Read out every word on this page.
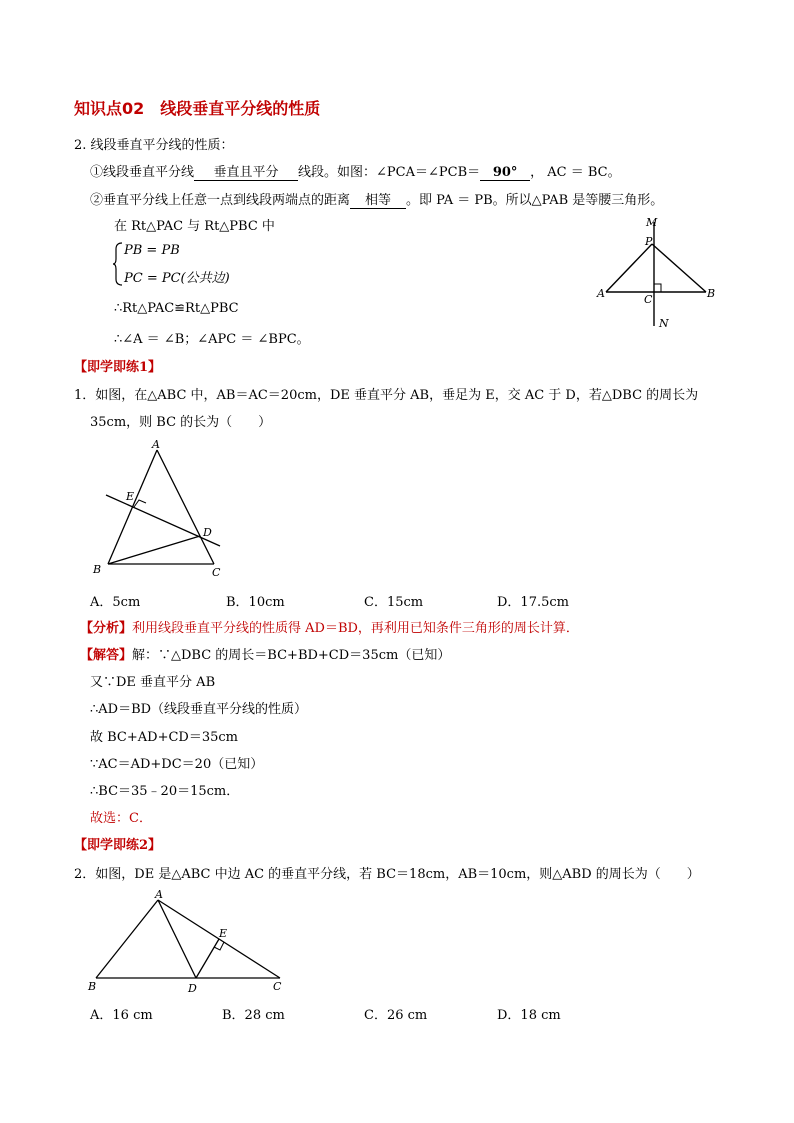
知识点02　线段垂直平分线的性质
2. 线段垂直平分线的性质：
①线段垂直平分线 垂直且平分 线段。如图：∠PCA＝∠PCB＝ 90° ， AC ＝ BC。
②垂直平分线上任意一点到线段两端点的距离 相等 。即 PA ＝ PB。所以△PAB 是等腰三角形。
在 Rt△PAC 与 Rt△PBC 中
PB = PB
PC = PC(公共边)
∴Rt△PAC≌Rt△PBC
∴∠A ＝ ∠B；∠APC ＝ ∠BPC。
M
P
A	C	B
N
【即学即练1】
1．如图，在△ABC 中，AB＝AC＝20cm，DE 垂直平分 AB，垂足为 E，交 AC 于 D，若△DBC 的周长为
35cm，则 BC 的长为（　　）
A
E
D
B	C
A．5cm	B．10cm	C．15cm	D．17.5cm
【分析】利用线段垂直平分线的性质得 AD＝BD，再利用已知条件三角形的周长计算．
【解答】解：∵△DBC 的周长＝BC+BD+CD＝35cm（已知）
又∵DE 垂直平分 AB
∴AD＝BD（线段垂直平分线的性质）
故 BC+AD+CD＝35cm
∵AC＝AD+DC＝20（已知）
∴BC＝35﹣20＝15cm．
故选：C．
【即学即练2】
2．如图，DE 是△ABC 中边 AC 的垂直平分线，若 BC＝18cm，AB＝10cm，则△ABD 的周长为（　　）
A
E
B	D	C
A．16 cm	B．28 cm	C．26 cm	D．18 cm
